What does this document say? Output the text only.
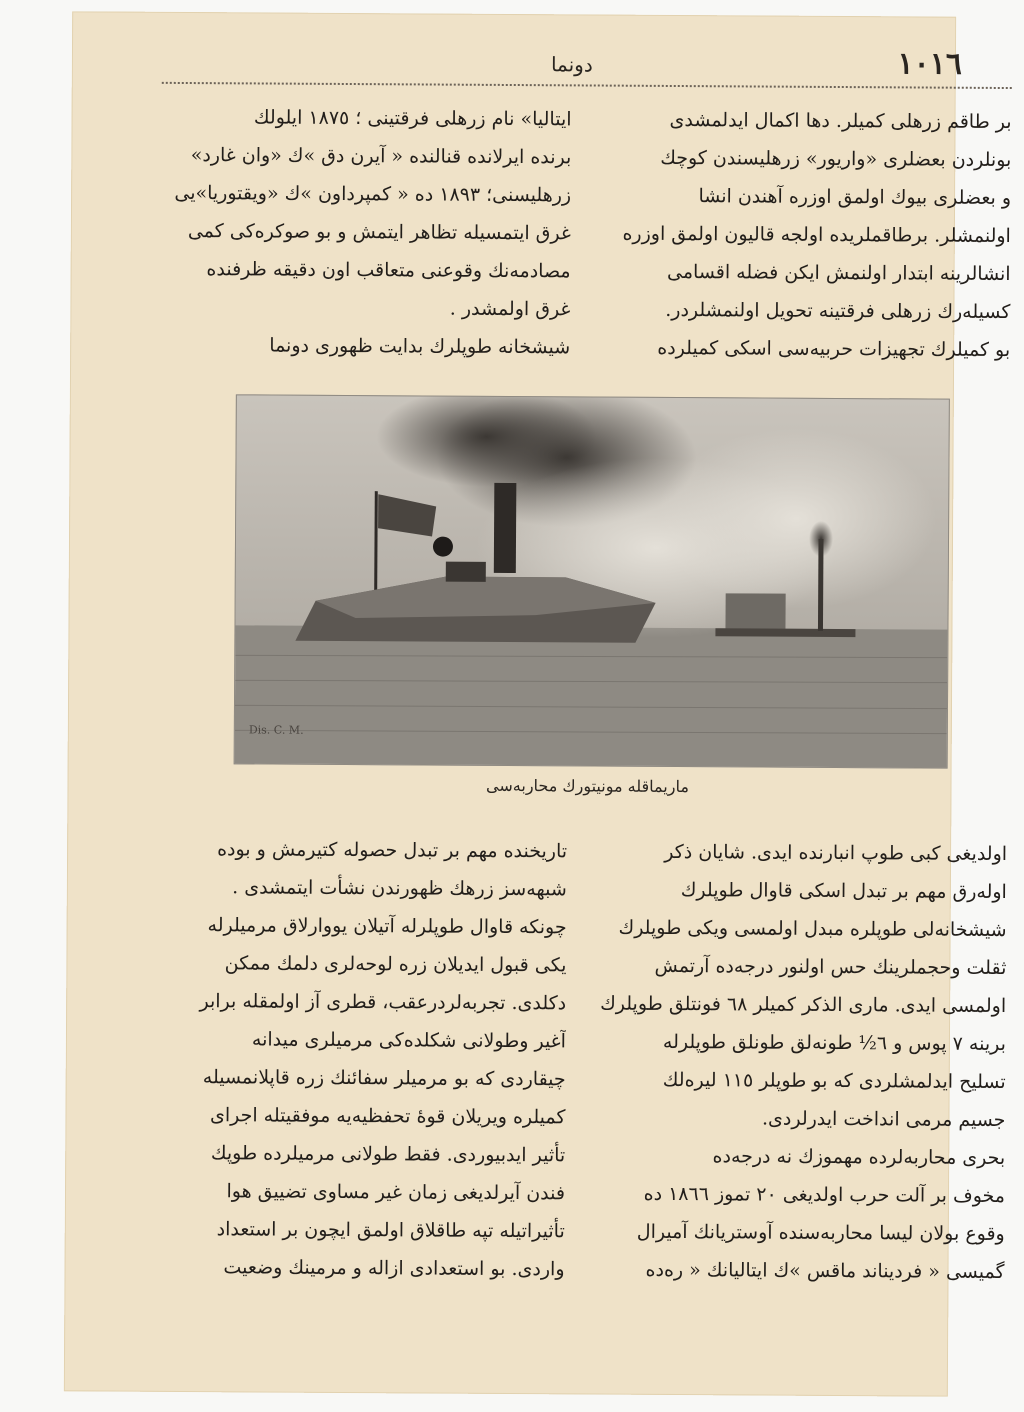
١٠١٦
دونما

بر طاقم زرهلی کمیلر. دها اکمال ایدلمشدی

بونلردن بعضلری «واریور» زرهلیسندن کوچك

و بعضلری بیوك اولمق اوزره آهندن انشا

اولنمشلر. برطاقملریده اولجه قالیون اولمق اوزره

انشالرینه ابتدار اولنمش ایکن فضله اقسامی

کسیله‌رك زرهلی فرقتینه تحویل اولنمشلردر.

بو کمیلرك تجهیزات حربیه‌سی اسکی کمیلرده

ایتالیا» نام زرهلی فرقتینی ؛ ١٨٧٥ ایلولك

برنده ایرلانده قنالنده « آیرن دق »ك «وان غارد»

زرهلیسنی؛ ١٨٩٣ ده « کمپرداون »ك «ویقتوریا»یی

غرق ایتمسیله تظاهر ایتمش و بو صوکره‌کی کمی

مصادمه‌نك وقوعنی متعاقب اون دقیقه ظرفنده

غرق اولمشدر .

شیشخانه طوپلرك بدایت ظهوری دونما

Dis. C. M.
ماریماقله مونیتورك محاربه‌سی

اولدیغی کبی طوپ انبارنده ایدی. شایان ذکر

اوله‌رق مهم بر تبدل اسکی قاوال طوپلرك

شیشخانه‌لی طوپلره مبدل اولمسی ویکی طوپلرك

ثقلت وحجملرینك حس اولنور درجه‌ده آرتمش

اولمسی ایدی. ماری الذکر کمیلر ٦٨ فونتلق طوپلرك

برینه ٧ پوس و ٦½ طونه‌لق طونلق طوپلرله

تسلیح ایدلمشلردی که بو طوپلر ١١٥ لیره‌لك

جسیم مرمی انداخت ایدرلردی.

بحری محاربه‌لرده مهموزك نه درجه‌ده

مخوف بر آلت حرب اولدیغی ٢٠ تموز ١٨٦٦ ده

وقوع بولان لیسا محاربه‌سنده آوستریانك آمیرال

گمیسی « فردیناند ماقس »ك ایتالیانك « ره‌ده

تاریخنده مهم بر تبدل حصوله کتیرمش و بوده

شبهه‌سز زرهك ظهورندن نشأت ایتمشدی .

چونکه قاوال طوپلرله آتیلان یووارلاق مرمیلرله

یکی قبول ایدیلان زره لوحه‌لری دلمك ممکن

دکلدی. تجربه‌لردرعقب، قطری آز اولمقله برابر

آغیر وطولانی شکلده‌کی مرمیلری میدانه

چیقاردی که بو مرمیلر سفائنك زره قاپلانمسیله

کمیلره ویریلان قوهٔ تحفظیه‌یه موفقیتله اجرای

تأثیر ایدبیوردی. فقط طولانی مرمیلرده طوپك

فندن آیرلدیغی زمان غیر مساوی تضییق هوا

تأثیراتیله تپه طاقلاق اولمق ایچون بر استعداد

واردی. بو استعدادی ازاله و مرمینك وضعیت
